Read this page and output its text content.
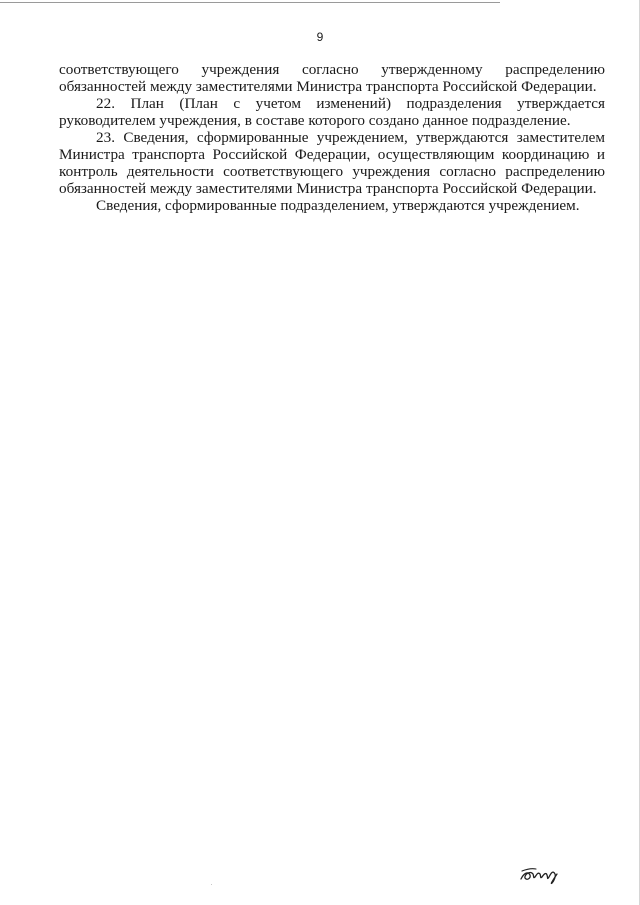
9

соответствующего учреждения согласно утвержденному распределению обязанностей между заместителями Министра транспорта Российской Федерации.

22. План (План с учетом изменений) подразделения утверждается руководителем учреждения, в составе которого создано данное подразделение.

23. Сведения, сформированные учреждением, утверждаются заместителем Министра транспорта Российской Федерации, осуществляющим координацию и контроль деятельности соответствующего учреждения согласно распределению обязанностей между заместителями Министра транспорта Российской Федерации.

Сведения, сформированные подразделением, утверждаются учреждением.
